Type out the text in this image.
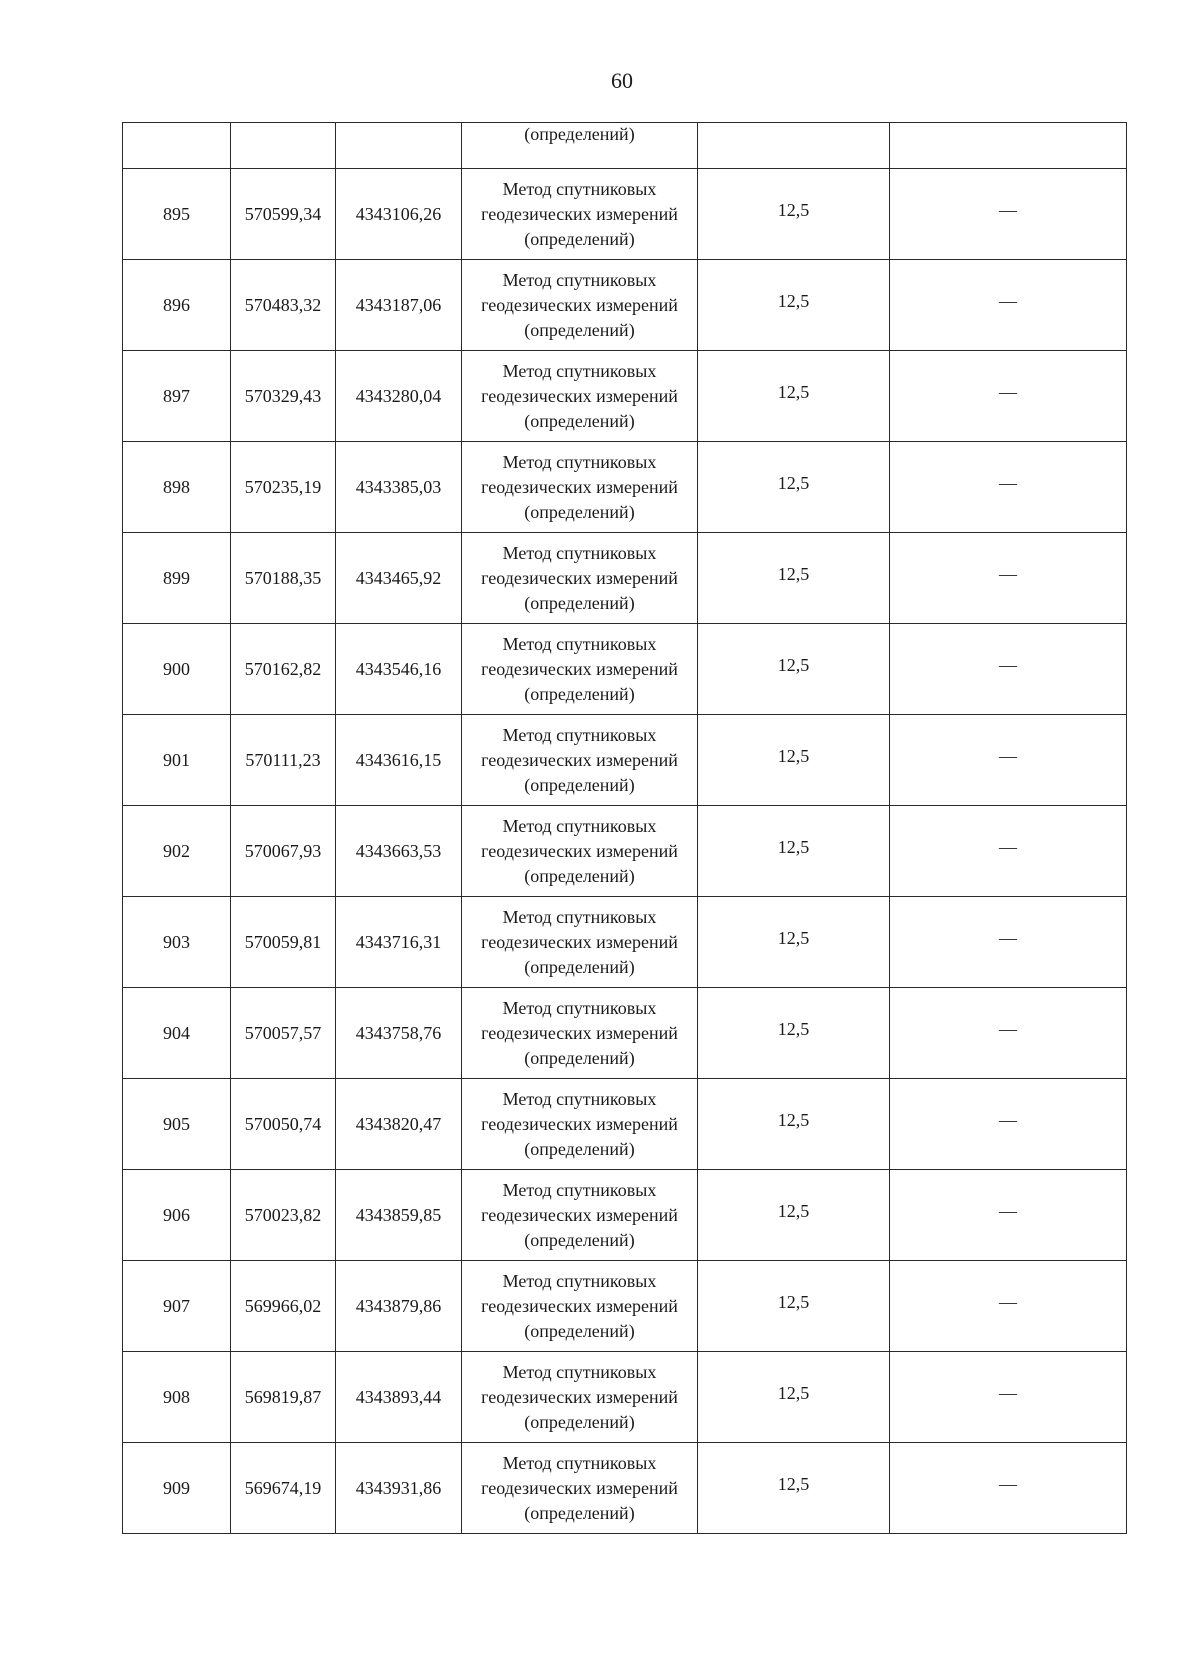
60
			(определений)		
895	570599,34	4343106,26	Метод спутниковых
геодезических измерений
(определений)	12,5	—
896	570483,32	4343187,06	Метод спутниковых
геодезических измерений
(определений)	12,5	—
897	570329,43	4343280,04	Метод спутниковых
геодезических измерений
(определений)	12,5	—
898	570235,19	4343385,03	Метод спутниковых
геодезических измерений
(определений)	12,5	—
899	570188,35	4343465,92	Метод спутниковых
геодезических измерений
(определений)	12,5	—
900	570162,82	4343546,16	Метод спутниковых
геодезических измерений
(определений)	12,5	—
901	570111,23	4343616,15	Метод спутниковых
геодезических измерений
(определений)	12,5	—
902	570067,93	4343663,53	Метод спутниковых
геодезических измерений
(определений)	12,5	—
903	570059,81	4343716,31	Метод спутниковых
геодезических измерений
(определений)	12,5	—
904	570057,57	4343758,76	Метод спутниковых
геодезических измерений
(определений)	12,5	—
905	570050,74	4343820,47	Метод спутниковых
геодезических измерений
(определений)	12,5	—
906	570023,82	4343859,85	Метод спутниковых
геодезических измерений
(определений)	12,5	—
907	569966,02	4343879,86	Метод спутниковых
геодезических измерений
(определений)	12,5	—
908	569819,87	4343893,44	Метод спутниковых
геодезических измерений
(определений)	12,5	—
909	569674,19	4343931,86	Метод спутниковых
геодезических измерений
(определений)	12,5	—
